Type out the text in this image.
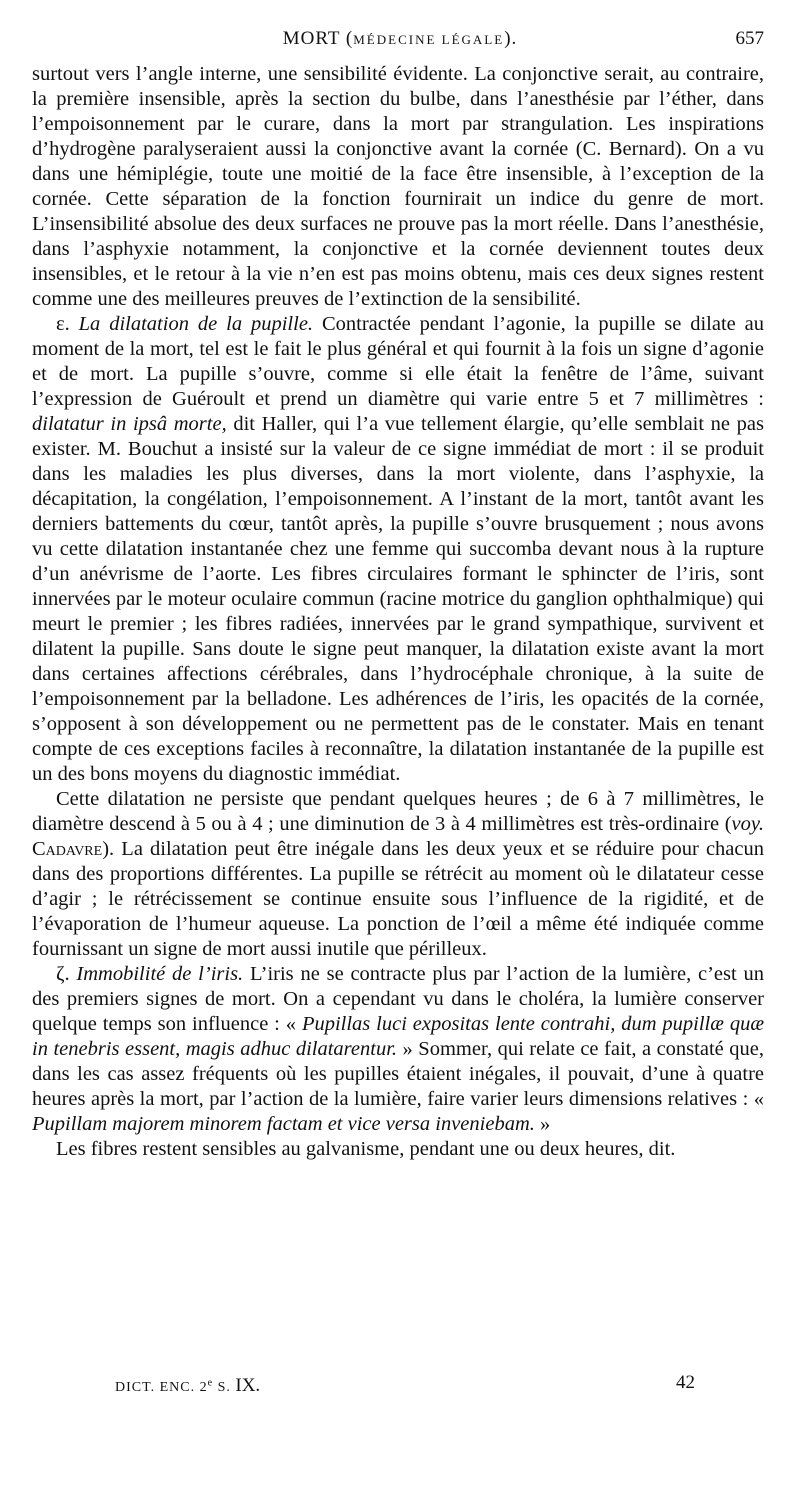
MORT (MÉDECINE LÉGALE).	657

surtout vers l’angle interne, une sensibilité évidente. La conjonctive serait, au contraire, la première insensible, après la section du bulbe, dans l’anesthésie par l’éther, dans l’empoisonnement par le curare, dans la mort par strangulation. Les inspirations d’hydrogène paralyseraient aussi la conjonctive avant la cornée (C. Bernard). On a vu dans une hémiplégie, toute une moitié de la face être insensible, à l’exception de la cornée. Cette séparation de la fonction fournirait un indice du genre de mort. L’insensibilité absolue des deux surfaces ne prouve pas la mort réelle. Dans l’anesthésie, dans l’asphyxie notamment, la conjonctive et la cornée deviennent toutes deux insensibles, et le retour à la vie n’en est pas moins obtenu, mais ces deux signes restent comme une des meilleures preuves de l’extinction de la sensibilité.

ε. La dilatation de la pupille. Contractée pendant l’agonie, la pupille se dilate au moment de la mort, tel est le fait le plus général et qui fournit à la fois un signe d’agonie et de mort. La pupille s’ouvre, comme si elle était la fenêtre de l’âme, suivant l’expression de Guéroult et prend un diamètre qui varie entre 5 et 7 millimètres : dilatatur in ipsâ morte, dit Haller, qui l’a vue tellement élargie, qu’elle semblait ne pas exister. M. Bouchut a insisté sur la valeur de ce signe immédiat de mort : il se produit dans les maladies les plus diverses, dans la mort violente, dans l’asphyxie, la décapitation, la congélation, l’empoisonnement. A l’instant de la mort, tantôt avant les derniers battements du cœur, tantôt après, la pupille s’ouvre brusquement ; nous avons vu cette dilatation instantanée chez une femme qui succomba devant nous à la rupture d’un anévrisme de l’aorte. Les fibres circulaires formant le sphincter de l’iris, sont innervées par le moteur oculaire commun (racine motrice du ganglion ophthalmique) qui meurt le premier ; les fibres radiées, innervées par le grand sympathique, survivent et dilatent la pupille. Sans doute le signe peut manquer, la dilatation existe avant la mort dans certaines affections cérébrales, dans l’hydrocéphale chronique, à la suite de l’empoisonnement par la belladone. Les adhérences de l’iris, les opacités de la cornée, s’opposent à son développement ou ne permettent pas de le constater. Mais en tenant compte de ces exceptions faciles à reconnaître, la dilatation instantanée de la pupille est un des bons moyens du diagnostic immédiat.

Cette dilatation ne persiste que pendant quelques heures ; de 6 à 7 millimètres, le diamètre descend à 5 ou à 4 ; une diminution de 3 à 4 millimètres est très-ordinaire (voy. Cadavre). La dilatation peut être inégale dans les deux yeux et se réduire pour chacun dans des proportions différentes. La pupille se rétrécit au moment où le dilatateur cesse d’agir ; le rétrécissement se continue ensuite sous l’influence de la rigidité, et de l’évaporation de l’humeur aqueuse. La ponction de l’œil a même été indiquée comme fournissant un signe de mort aussi inutile que périlleux.

ζ. Immobilité de l’iris. L’iris ne se contracte plus par l’action de la lumière, c’est un des premiers signes de mort. On a cependant vu dans le choléra, la lumière conserver quelque temps son influence : « Pupillas luci expositas lente contrahi, dum pupillæ quæ in tenebris essent, magis adhuc dilatarentur. » Sommer, qui relate ce fait, a constaté que, dans les cas assez fréquents où les pupilles étaient inégales, il pouvait, d’une à quatre heures après la mort, par l’action de la lumière, faire varier leurs dimensions relatives : « Pupillam majorem minorem factam et vice versa inveniebam. »

Les fibres restent sensibles au galvanisme, pendant une ou deux heures, dit.

DICT. ENC. 2e S. IX.	42
